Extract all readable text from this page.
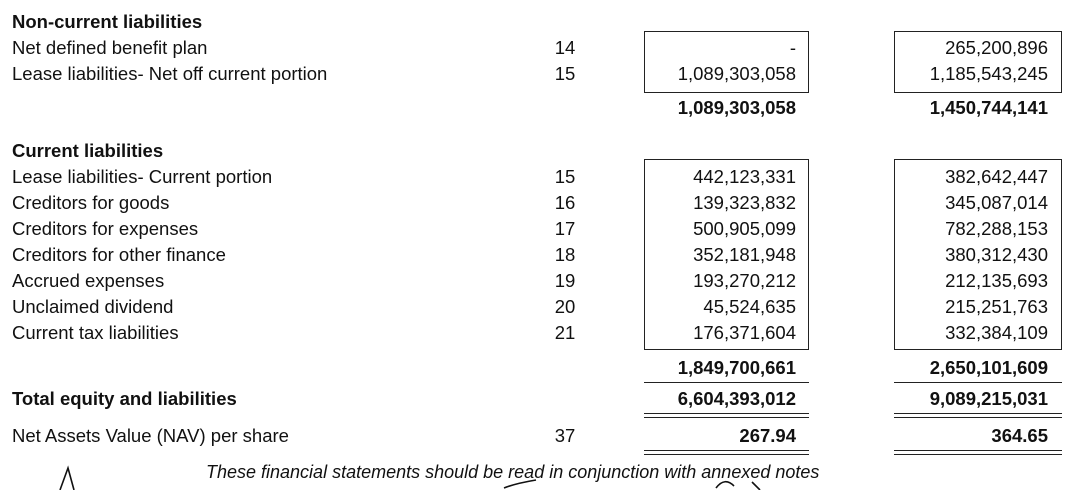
Non-current liabilities
Net defined benefit plan	14	-	265,200,896
Lease liabilities- Net off current portion	15	1,089,303,058	1,185,543,245
1,089,303,058	1,450,744,141
Current liabilities
Lease liabilities- Current portion	15	442,123,331	382,642,447
Creditors for goods	16	139,323,832	345,087,014
Creditors for expenses	17	500,905,099	782,288,153
Creditors for other finance	18	352,181,948	380,312,430
Accrued expenses	19	193,270,212	212,135,693
Unclaimed dividend	20	45,524,635	215,251,763
Current tax liabilities	21	176,371,604	332,384,109
1,849,700,661	2,650,101,609
Total equity and liabilities	6,604,393,012	9,089,215,031
Net Assets Value (NAV) per share	37	267.94	364.65
These financial statements should be read in conjunction with annexed notes
